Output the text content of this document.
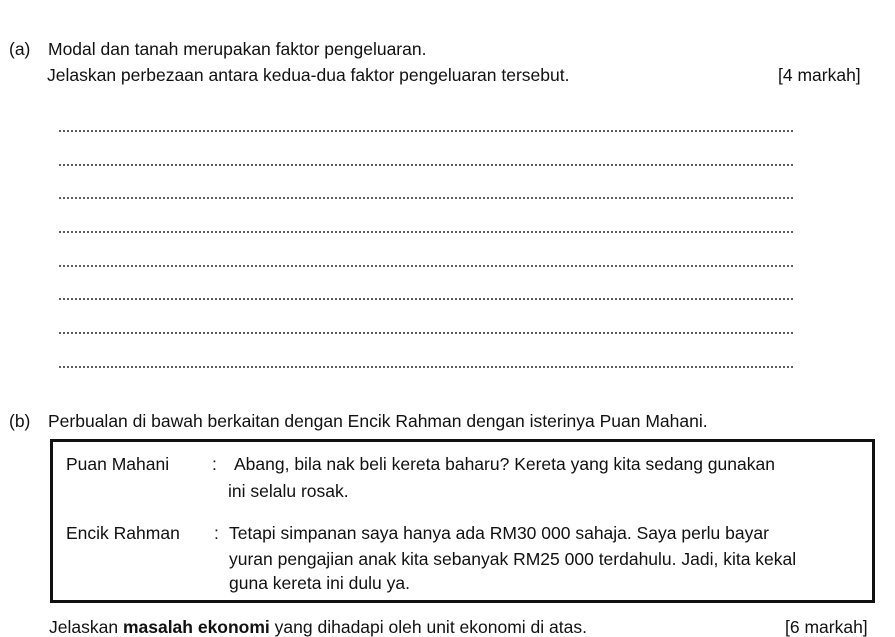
(a) Modal dan tanah merupakan faktor pengeluaran.
Jelaskan perbezaan antara kedua-dua faktor pengeluaran tersebut.	[4 markah]
(b) Perbualan di bawah berkaitan dengan Encik Rahman dengan isterinya Puan Mahani.
Puan Mahani : Abang, bila nak beli kereta baharu? Kereta yang kita sedang gunakan
ini selalu rosak.
Encik Rahman : Tetapi simpanan saya hanya ada RM30 000 sahaja. Saya perlu bayar
yuran pengajian anak kita sebanyak RM25 000 terdahulu. Jadi, kita kekal
guna kereta ini dulu ya.
Jelaskan masalah ekonomi yang dihadapi oleh unit ekonomi di atas.	[6 markah]
